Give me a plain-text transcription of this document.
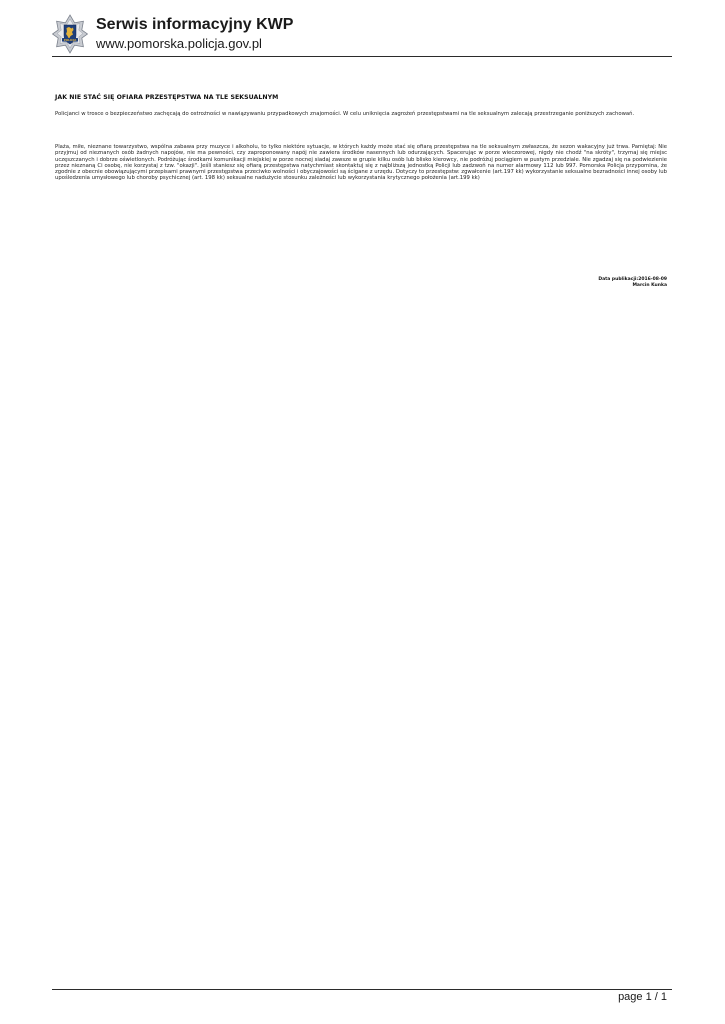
POLICJA
Serwis informacyjny KWP
www.pomorska.policja.gov.pl
JAK NIE STAĆ SIĘ OFIARA PRZESTĘPSTWA NA TLE SEKSUALNYM
Policjanci w trosce o bezpieczeństwo zachęcają do ostrożności w nawiązywaniu przypadkowych znajomości. W celu uniknięcia zagrożeń przestępstwami na tle seksualnym zalecają przestrzeganie poniższych zachowań.
Plaża, miłe, nieznane towarzystwo, wspólna zabawa przy muzyce i alkoholu, to tylko niektóre sytuacje, w których każdy może stać się ofiarą przestępstwa na tle seksualnym zwłaszcza, że sezon wakacyjny już trwa. Pamiętaj: Nie przyjmuj od nieznanych osób żadnych napojów, nie ma pewności, czy zaproponowany napój nie zawiera środków nasennych lub odurzających. Spacerując w porze wieczorowej, nigdy nie chodź "na skróty", trzymaj się miejsc uczęszczanych i dobrze oświetlonych. Podróżując środkami komunikacji miejskiej w porze nocnej siadaj zawsze w grupie kilku osób lub blisko kierowcy, nie podróżuj pociągiem w pustym przedziale. Nie zgadzaj się na podwiezienie przez nieznaną Ci osobę, nie korzystaj z tzw. "okazji". Jeśli staniesz się ofiarą przestępstwa natychmiast skontaktuj się z najbliższą jednostką Policji lub zadzwoń na numer alarmowy 112 lub 997. Pomorska Policja przypomina, że zgodnie z obecnie obowiązującymi przepisami prawnymi przestępstwa przeciwko wolności i obyczajowości są ścigane z urzędu. Dotyczy to przestępstw: zgwałcenie (art.197 kk) wykorzystanie seksualne bezradności innej osoby lub upośledzenia umysłowego lub choroby psychicznej (art. 198 kk) seksualne nadużycie stosunku zależności lub wykorzystania krytycznego położenia (art.199 kk)
Data publikacji:2016-08-09
Marcin Kunka
page 1 / 1
